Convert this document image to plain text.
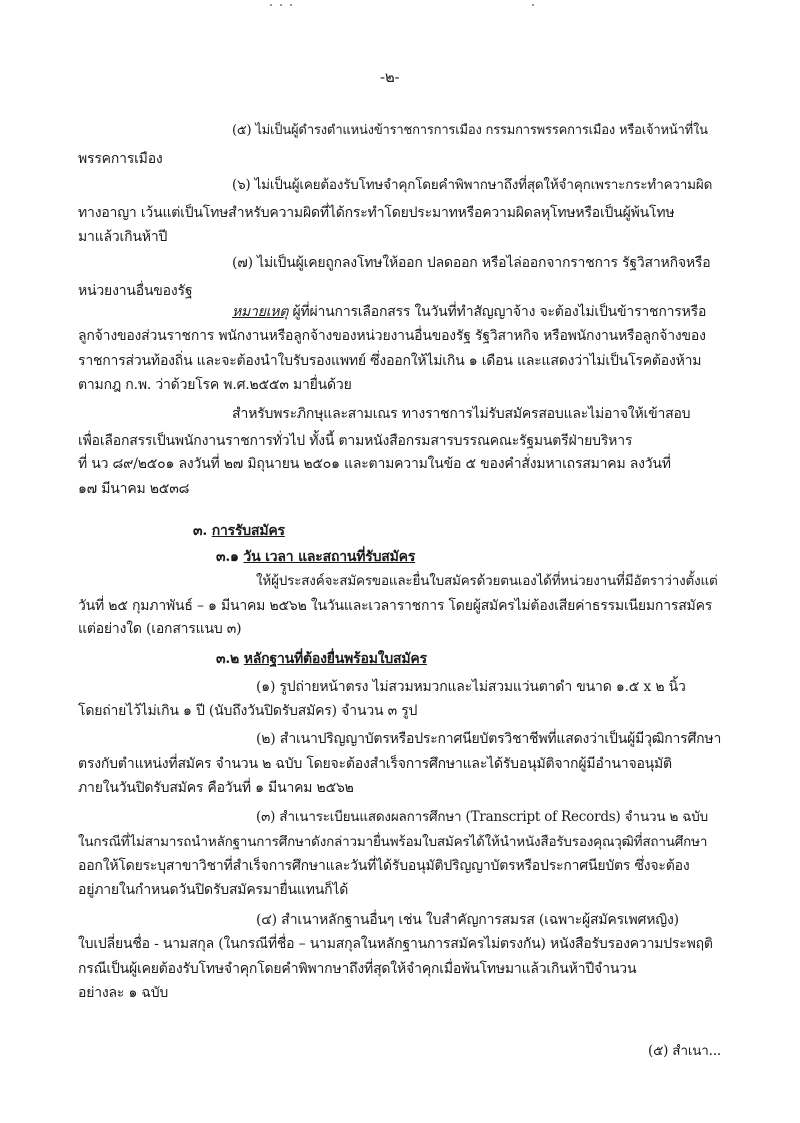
-๒-
(๕) ไม่เป็นผู้ดำรงตำแหน่งข้าราชการการเมือง กรรมการพรรคการเมือง หรือเจ้าหน้าที่ใน
พรรคการเมือง
(๖) ไม่เป็นผู้เคยต้องรับโทษจำคุกโดยคำพิพากษาถึงที่สุดให้จำคุกเพราะกระทำความผิด
ทางอาญา เว้นแต่เป็นโทษสำหรับความผิดที่ได้กระทำโดยประมาทหรือความผิดลหุโทษหรือเป็นผู้พ้นโทษ
มาแล้วเกินห้าปี
(๗) ไม่เป็นผู้เคยถูกลงโทษให้ออก ปลดออก หรือไล่ออกจากราชการ รัฐวิสาหกิจหรือ
หน่วยงานอื่นของรัฐ
หมายเหตุ ผู้ที่ผ่านการเลือกสรร ในวันที่ทำสัญญาจ้าง จะต้องไม่เป็นข้าราชการหรือ
ลูกจ้างของส่วนราชการ พนักงานหรือลูกจ้างของหน่วยงานอื่นของรัฐ รัฐวิสาหกิจ หรือพนักงานหรือลูกจ้างของ
ราชการส่วนท้องถิ่น และจะต้องนำใบรับรองแพทย์ ซึ่งออกให้ไม่เกิน ๑ เดือน และแสดงว่าไม่เป็นโรคต้องห้าม
ตามกฎ ก.พ. ว่าด้วยโรค พ.ศ.๒๕๕๓ มายื่นด้วย
สำหรับพระภิกษุและสามเณร ทางราชการไม่รับสมัครสอบและไม่อาจให้เข้าสอบ
เพื่อเลือกสรรเป็นพนักงานราชการทั่วไป ทั้งนี้ ตามหนังสือกรมสารบรรณคณะรัฐมนตรีฝ่ายบริหาร
ที่ นว ๘๙/๒๕๐๑ ลงวันที่ ๒๗ มิถุนายน ๒๕๐๑ และตามความในข้อ ๕ ของคำสั่งมหาเถรสมาคม ลงวันที่
๑๗ มีนาคม ๒๕๓๘
๓. การรับสมัคร
๓.๑ วัน เวลา และสถานที่รับสมัคร
ให้ผู้ประสงค์จะสมัครขอและยื่นใบสมัครด้วยตนเองได้ที่หน่วยงานที่มีอัตราว่างตั้งแต่
วันที่ ๒๕ กุมภาพันธ์ – ๑ มีนาคม ๒๕๖๒ ในวันและเวลาราชการ โดยผู้สมัครไม่ต้องเสียค่าธรรมเนียมการสมัคร
แต่อย่างใด (เอกสารแนบ ๓)
๓.๒ หลักฐานที่ต้องยื่นพร้อมใบสมัคร
(๑) รูปถ่ายหน้าตรง ไม่สวมหมวกและไม่สวมแว่นตาดำ ขนาด ๑.๕ x ๒ นิ้ว
โดยถ่ายไว้ไม่เกิน ๑ ปี (นับถึงวันปิดรับสมัคร) จำนวน ๓ รูป
(๒) สำเนาปริญญาบัตรหรือประกาศนียบัตรวิชาชีพที่แสดงว่าเป็นผู้มีวุฒิการศึกษา
ตรงกับตำแหน่งที่สมัคร จำนวน ๒ ฉบับ โดยจะต้องสำเร็จการศึกษาและได้รับอนุมัติจากผู้มีอำนาจอนุมัติ
ภายในวันปิดรับสมัคร คือวันที่ ๑ มีนาคม ๒๕๖๒
(๓) สำเนาระเบียนแสดงผลการศึกษา (Transcript of Records) จำนวน ๒ ฉบับ
ในกรณีที่ไม่สามารถนำหลักฐานการศึกษาดังกล่าวมายื่นพร้อมใบสมัครได้ให้นำหนังสือรับรองคุณวุฒิที่สถานศึกษา
ออกให้โดยระบุสาขาวิชาที่สำเร็จการศึกษาและวันที่ได้รับอนุมัติปริญญาบัตรหรือประกาศนียบัตร ซึ่งจะต้อง
อยู่ภายในกำหนดวันปิดรับสมัครมายื่นแทนก็ได้
(๔) สำเนาหลักฐานอื่นๆ เช่น ใบสำคัญการสมรส (เฉพาะผู้สมัครเพศหญิง)
ใบเปลี่ยนชื่อ - นามสกุล (ในกรณีที่ชื่อ – นามสกุลในหลักฐานการสมัครไม่ตรงกัน) หนังสือรับรองความประพฤติ
กรณีเป็นผู้เคยต้องรับโทษจำคุกโดยคำพิพากษาถึงที่สุดให้จำคุกเมื่อพ้นโทษมาแล้วเกินห้าปีจำนวน
อย่างละ ๑ ฉบับ
(๕) สำเนา...
